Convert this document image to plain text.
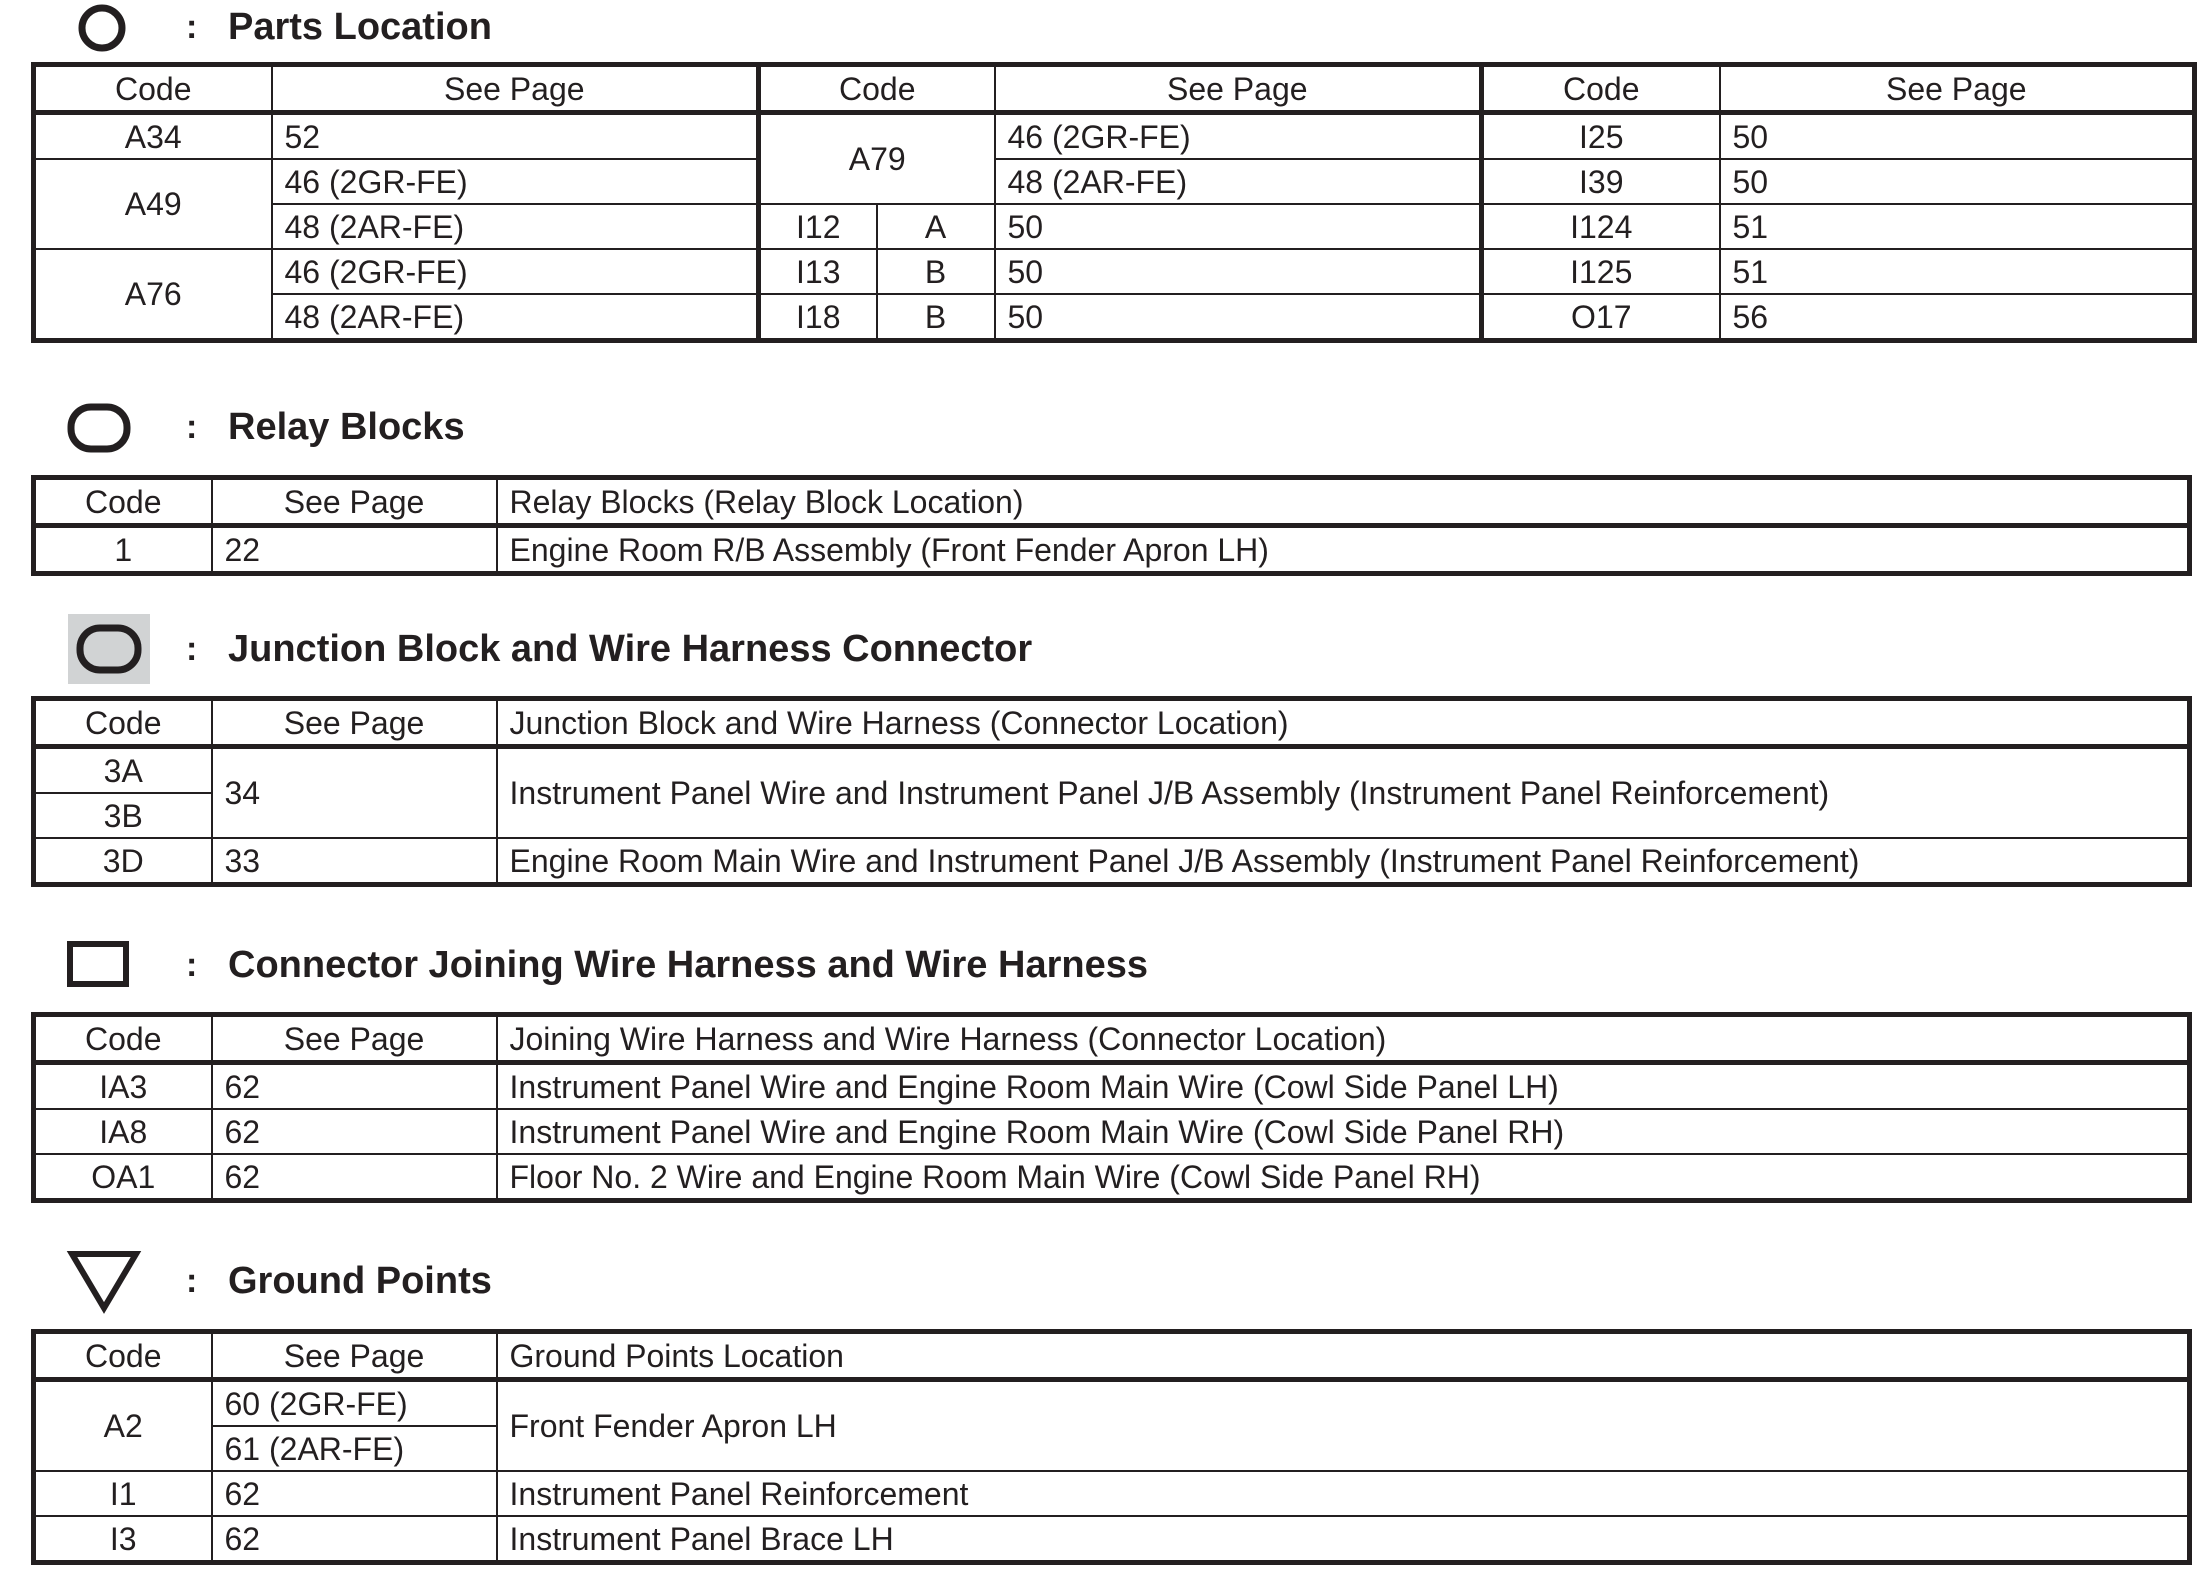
: Parts Location
Code	See Page	Code		See Page	Code	See Page
A34	52	A79		46 (2GR-FE)	I25	50
A49	46 (2GR-FE)			48 (2AR-FE)	I39	50
	48 (2AR-FE)	I12	A	50	I124	51
A76	46 (2GR-FE)	I13	B	50	I125	51
	48 (2AR-FE)	I18	B	50	O17	56
: Relay Blocks
Code	See Page	Relay Blocks (Relay Block Location)
1	22	Engine Room R/B Assembly (Front Fender Apron LH)
: Junction Block and Wire Harness Connector
Code	See Page	Junction Block and Wire Harness (Connector Location)
3A	34	Instrument Panel Wire and Instrument Panel J/B Assembly (Instrument Panel Reinforcement)
3B		
3D	33	Engine Room Main Wire and Instrument Panel J/B Assembly (Instrument Panel Reinforcement)
: Connector Joining Wire Harness and Wire Harness
Code	See Page	Joining Wire Harness and Wire Harness (Connector Location)
IA3	62	Instrument Panel Wire and Engine Room Main Wire (Cowl Side Panel LH)
IA8	62	Instrument Panel Wire and Engine Room Main Wire (Cowl Side Panel RH)
OA1	62	Floor No. 2 Wire and Engine Room Main Wire (Cowl Side Panel RH)
: Ground Points
Code	See Page	Ground Points Location
A2	60 (2GR-FE)	Front Fender Apron LH
	61 (2AR-FE)	
I1	62	Instrument Panel Reinforcement
I3	62	Instrument Panel Brace LH
